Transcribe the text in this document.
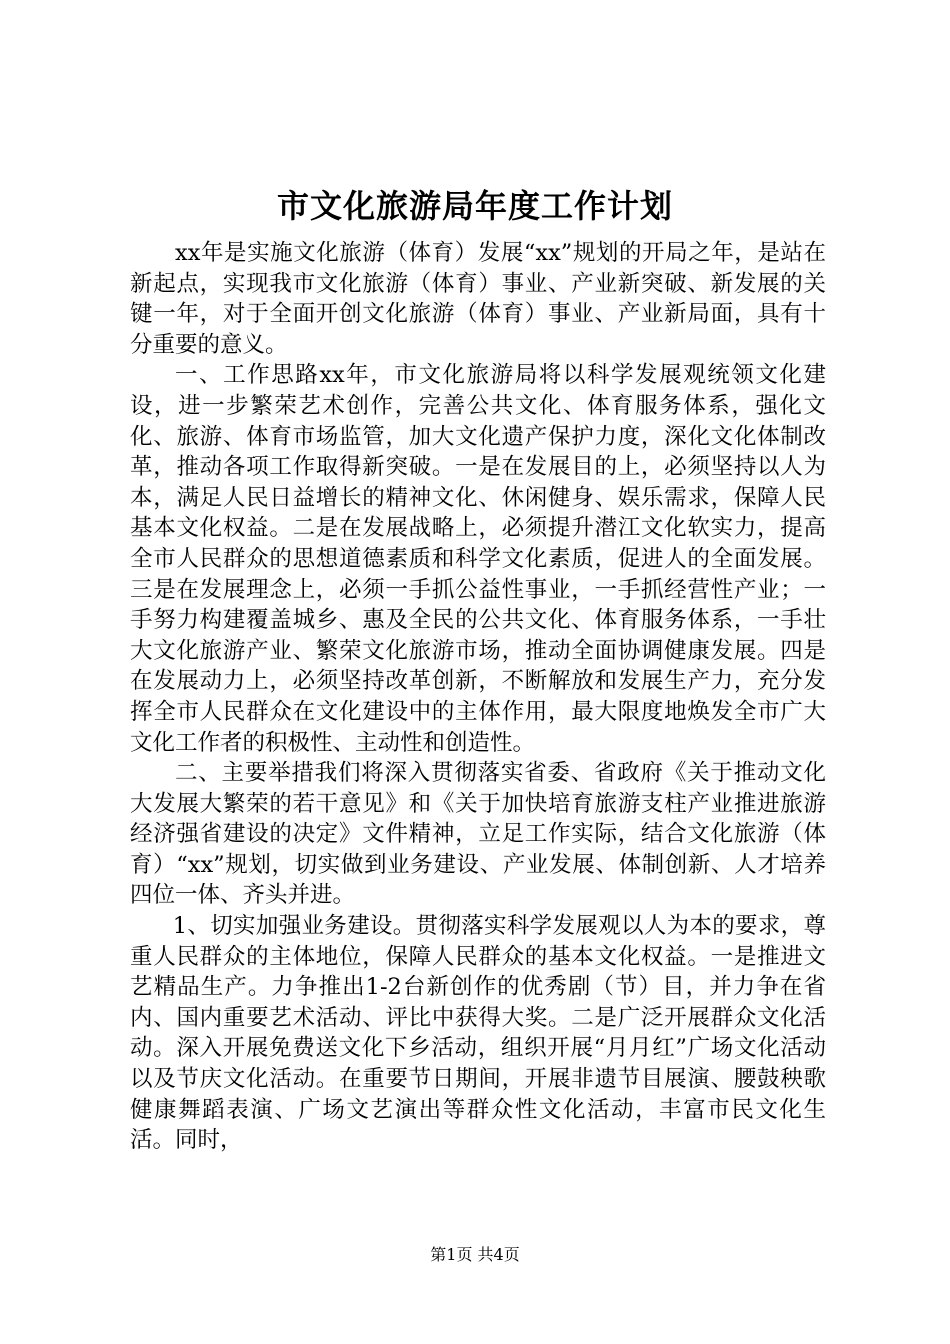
市文化旅游局年度工作计划

xx年是实施文化旅游（体育）发展“xx”规划的开局之年，是站在新起点，实现我市文化旅游（体育）事业、产业新突破、新发展的关键一年，对于全面开创文化旅游（体育）事业、产业新局面，具有十分重要的意义。

一、工作思路xx年，市文化旅游局将以科学发展观统领文化建设，进一步繁荣艺术创作，完善公共文化、体育服务体系，强化文化、旅游、体育市场监管，加大文化遗产保护力度，深化文化体制改革，推动各项工作取得新突破。一是在发展目的上，必须坚持以人为本，满足人民日益增长的精神文化、休闲健身、娱乐需求，保障人民基本文化权益。二是在发展战略上，必须提升潜江文化软实力，提高全市人民群众的思想道德素质和科学文化素质，促进人的全面发展。三是在发展理念上，必须一手抓公益性事业，一手抓经营性产业；一手努力构建覆盖城乡、惠及全民的公共文化、体育服务体系，一手壮大文化旅游产业、繁荣文化旅游市场，推动全面协调健康发展。四是在发展动力上，必须坚持改革创新，不断解放和发展生产力，充分发挥全市人民群众在文化建设中的主体作用，最大限度地焕发全市广大文化工作者的积极性、主动性和创造性。

二、主要举措我们将深入贯彻落实省委、省政府《关于推动文化大发展大繁荣的若干意见》和《关于加快培育旅游支柱产业推进旅游经济强省建设的决定》文件精神，立足工作实际，结合文化旅游（体育）“xx”规划，切实做到业务建设、产业发展、体制创新、人才培养四位一体、齐头并进。

1、切实加强业务建设。贯彻落实科学发展观以人为本的要求，尊重人民群众的主体地位，保障人民群众的基本文化权益。一是推进文艺精品生产。力争推出1-2台新创作的优秀剧（节）目，并力争在省内、国内重要艺术活动、评比中获得大奖。二是广泛开展群众文化活动。深入开展免费送文化下乡活动，组织开展“月月红”广场文化活动以及节庆文化活动。在重要节日期间，开展非遗节目展演、腰鼓秧歌健康舞蹈表演、广场文艺演出等群众性文化活动，丰富市民文化生活。同时，

第1页 共4页
